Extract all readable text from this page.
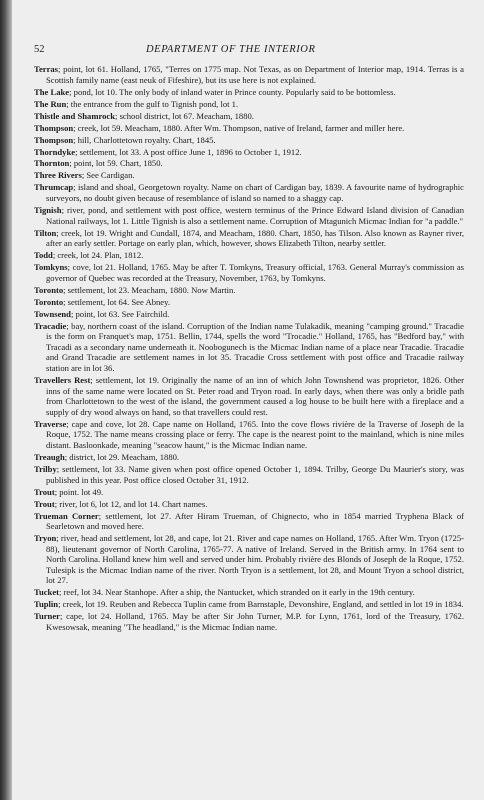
52	DEPARTMENT OF THE INTERIOR

Terras; point, lot 61. Holland, 1765, "Terres on 1775 map. Not Texas, as on Department of Interior map, 1914. Terras is a Scottish family name (east neuk of Fifeshire), but its use here is not explained.

The Lake; pond, lot 10. The only body of inland water in Prince county. Popularly said to be bottomless.

The Run; the entrance from the gulf to Tignish pond, lot 1.

Thistle and Shamrock; school district, lot 67. Meacham, 1880.

Thompson; creek, lot 59. Meacham, 1880. After Wm. Thompson, native of Ireland, farmer and miller here.

Thompson; hill, Charlottetown royalty. Chart, 1845.

Thorndyke; settlement, lot 33. A post office June 1, 1896 to October 1, 1912.

Thornton; point, lot 59. Chart, 1850.

Three Rivers; See Cardigan.

Thrumcap; island and shoal, Georgetown royalty. Name on chart of Cardigan bay, 1839. A favourite name of hydrographic surveyors, no doubt given because of resemblance of island so named to a shaggy cap.

Tignish; river, pond, and settlement with post office, western terminus of the Prince Edward Island division of Canadian National railways, lot 1. Little Tignish is also a settlement name. Corruption of Mtagunich Micmac Indian for "a paddle."

Tilton; creek, lot 19. Wright and Cundall, 1874, and Meacham, 1880. Chart, 1850, has Tilson. Also known as Rayner river, after an early settler. Portage on early plan, which, however, shows Elizabeth Tilton, nearby settler.

Todd; creek, lot 24. Plan, 1812.

Tomkyns; cove, lot 21. Holland, 1765. May be after T. Tomkyns, Treasury official, 1763. General Murray's commission as governor of Quebec was recorded at the Treasury, November, 1763, by Tomkyns.

Toronto; settlement, lot 23. Meacham, 1880. Now Martin.

Toronto; settlement, lot 64. See Abney.

Townsend; point, lot 63. See Fairchild.

Tracadie; bay, northern coast of the island. Corruption of the Indian name Tulakadik, meaning "camping ground." Tracadie is the form on Franquet's map, 1751. Bellin, 1744, spells the word "Trocadie." Holland, 1765, has "Bedford bay," with Tracadi as a secondary name underneath it. Noobogunech is the Micmac Indian name of a place near Tracadie. Tracadie and Grand Tracadie are settlement names in lot 35. Tracadie Cross settlement with post office and Tracadie railway station are in lot 36.

Travellers Rest; settlement, lot 19. Originally the name of an inn of which John Townshend was proprietor, 1826. Other inns of the same name were located on St. Peter road and Tryon road. In early days, when there was only a bridle path from Charlottetown to the west of the island, the government caused a log house to be built here with a fireplace and a supply of dry wood always on hand, so that travellers could rest.

Traverse; cape and cove, lot 28. Cape name on Holland, 1765. Into the cove flows rivière de la Traverse of Joseph de la Roque, 1752. The name means crossing place or ferry. The cape is the nearest point to the mainland, which is nine miles distant. Basloonkade, meaning "seacow haunt," is the Micmac Indian name.

Treaugh; district, lot 29. Meacham, 1880.

Trilby; settlement, lot 33. Name given when post office opened October 1, 1894. Trilby, George Du Maurier's story, was published in this year. Post office closed October 31, 1912.

Trout; point. lot 49.

Trout; river, lot 6, lot 12, and lot 14. Chart names.

Trueman Corner; settlement, lot 27. After Hiram Trueman, of Chignecto, who in 1854 married Tryphena Black of Searletown and moved here.

Tryon; river, head and settlement, lot 28, and cape, lot 21. River and cape names on Holland, 1765. After Wm. Tryon (1725-88), lieutenant governor of North Carolina, 1765-77. A native of Ireland. Served in the British army. In 1764 sent to North Carolina. Holland knew him well and served under him. Probably rivière des Blonds of Joseph de la Roque, 1752. Tulesipk is the Micmac Indian name of the river. North Tryon is a settlement, lot 28, and Mount Tryon a school district, lot 27.

Tucket; reef, lot 34. Near Stanhope. After a ship, the Nantucket, which stranded on it early in the 19th century.

Tuplin; creek, lot 19. Reuben and Rebecca Tuplin came from Barnstaple, Devonshire, England, and settled in lot 19 in 1834.

Turner; cape, lot 24. Holland, 1765. May be after Sir John Turner, M.P. for Lynn, 1761, lord of the Treasury, 1762. Kwesowsak, meaning "The headland," is the Micmac Indian name.
